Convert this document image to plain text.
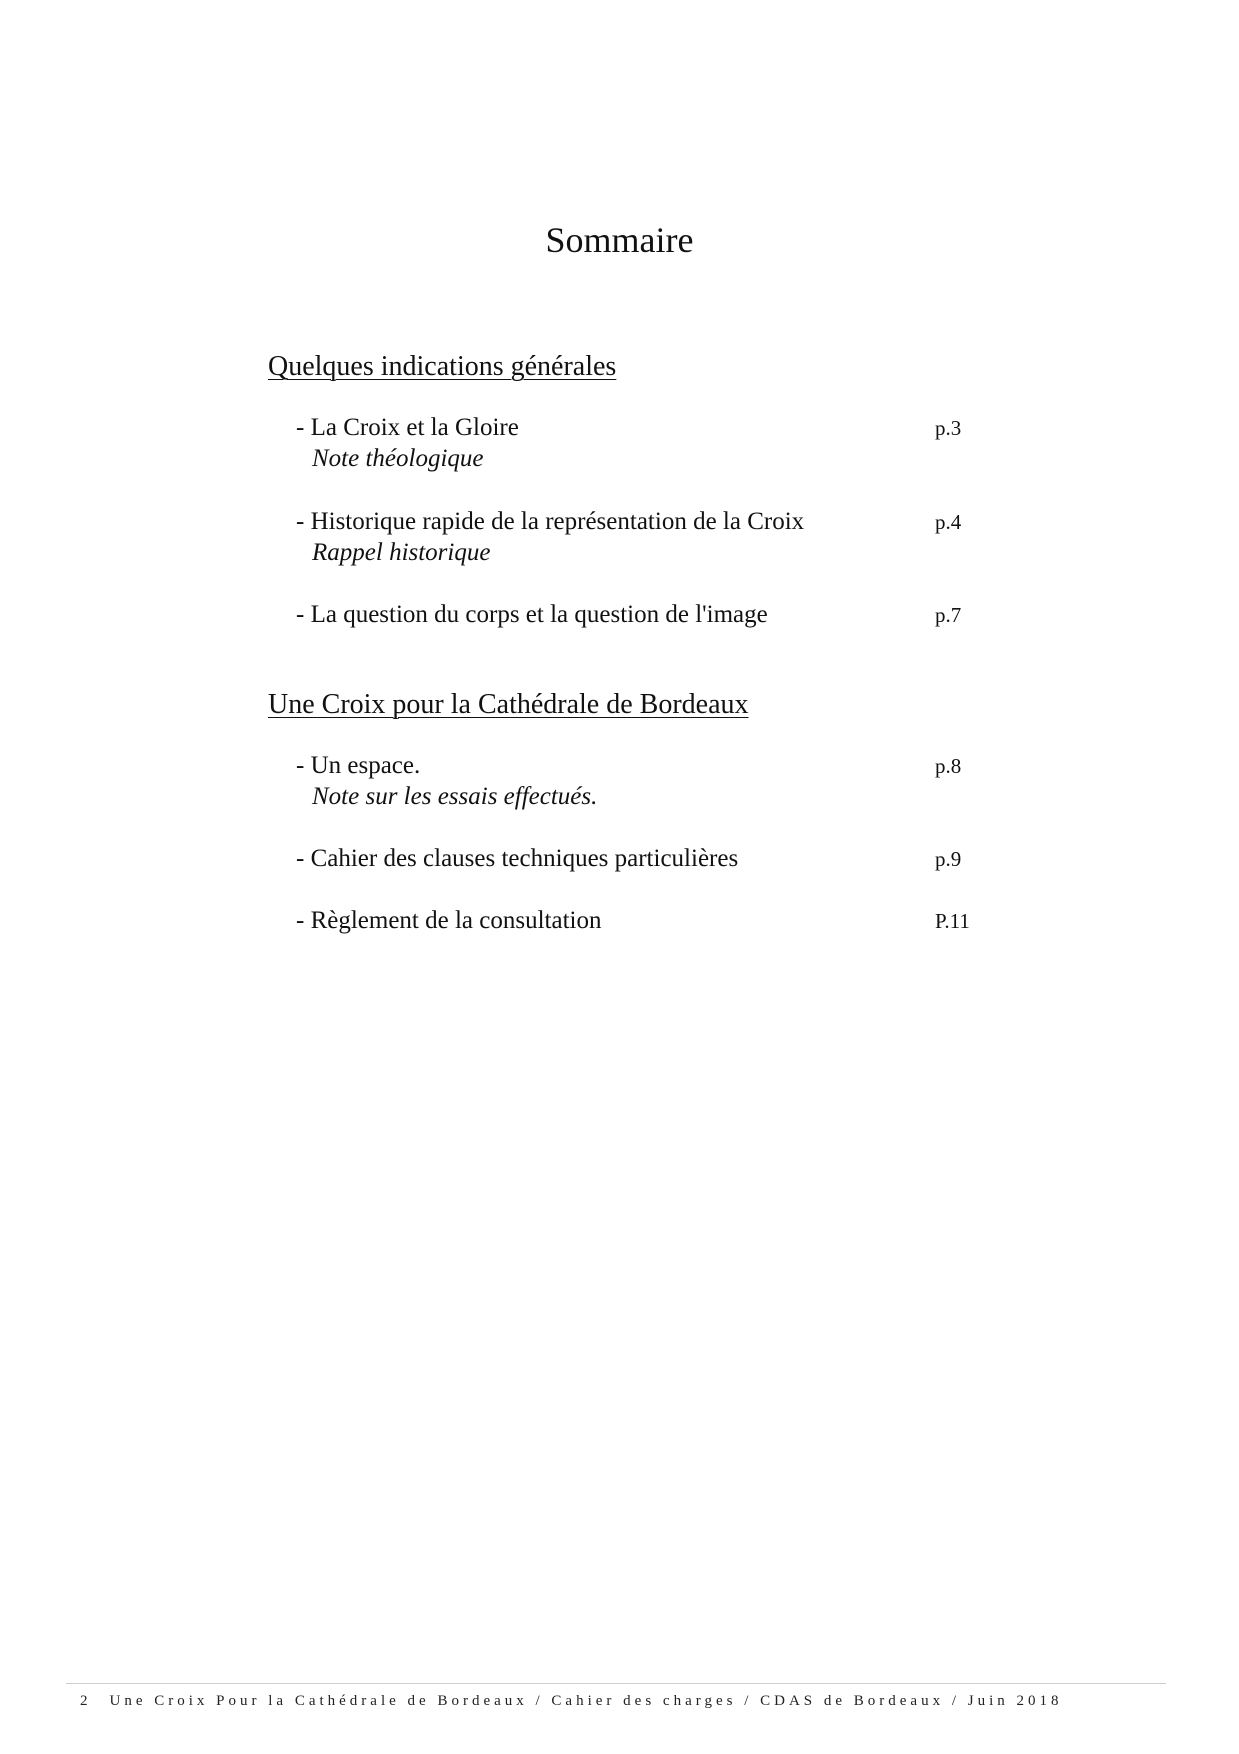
Sommaire
Quelques indications générales
- La Croix et la Gloire	p.3
Note théologique
- Historique rapide de la représentation de la Croix	p.4
Rappel historique
- La question du corps et la question de l'image	p.7
Une Croix pour la Cathédrale de Bordeaux
- Un espace.	p.8
Note sur les essais effectués.
- Cahier des clauses techniques particulières	p.9
- Règlement de la consultation	P.11
2 Une Croix Pour la Cathédrale de Bordeaux / Cahier des charges / CDAS de Bordeaux / Juin 2018
